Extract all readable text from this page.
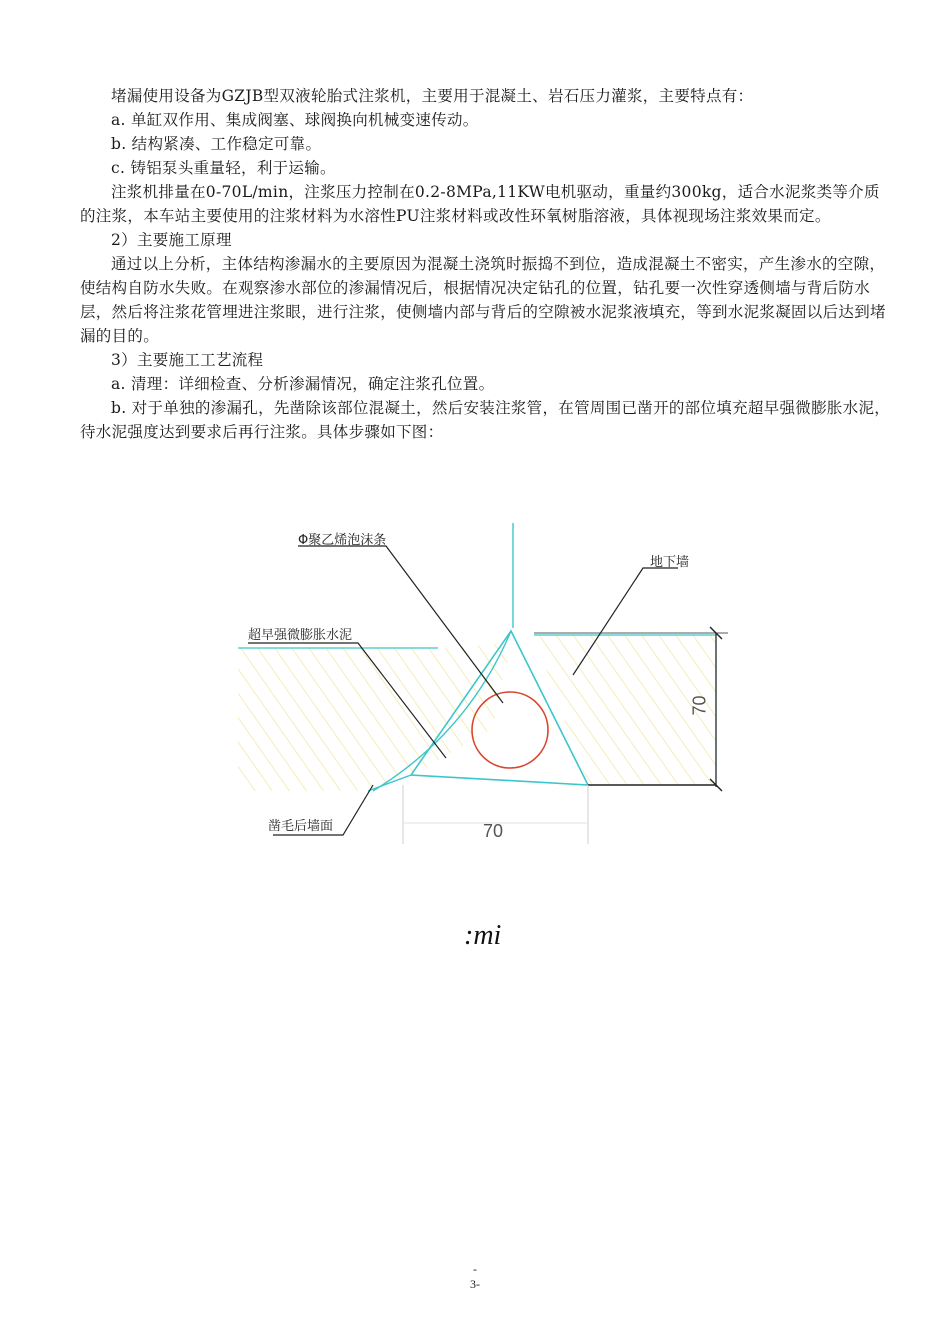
堵漏使用设备为GZJB型双液轮胎式注浆机，主要用于混凝土、岩石压力灌浆，主要特点有：

a. 单缸双作用、集成阀塞、球阀换向机械变速传动。

b. 结构紧凑、工作稳定可靠。

c. 铸铝泵头重量轻，利于运输。

注浆机排量在0-70L/min，注浆压力控制在0.2-8MPa,11KW电机驱动，重量约300kg，适合水泥浆类等介质的注浆，本车站主要使用的注浆材料为水溶性PU注浆材料或改性环氧树脂溶液，具体视现场注浆效果而定。

2）主要施工原理

通过以上分析，主体结构渗漏水的主要原因为混凝土浇筑时振捣不到位，造成混凝土不密实，产生渗水的空隙，使结构自防水失败。在观察渗水部位的渗漏情况后，根据情况决定钻孔的位置，钻孔要一次性穿透侧墙与背后防水层，然后将注浆花管埋进注浆眼，进行注浆，使侧墙内部与背后的空隙被水泥浆液填充，等到水泥浆凝固以后达到堵漏的目的。

3）主要施工工艺流程

a. 清理：详细检查、分析渗漏情况，确定注浆孔位置。

b. 对于单独的渗漏孔，先凿除该部位混凝土，然后安装注浆管，在管周围已凿开的部位填充超早强微膨胀水泥，待水泥强度达到要求后再行注浆。具体步骤如下图：

Φ聚乙烯泡沫条
地下墙
超早强微膨胀水泥
凿毛后墙面
70
70
:mi
-
3-
